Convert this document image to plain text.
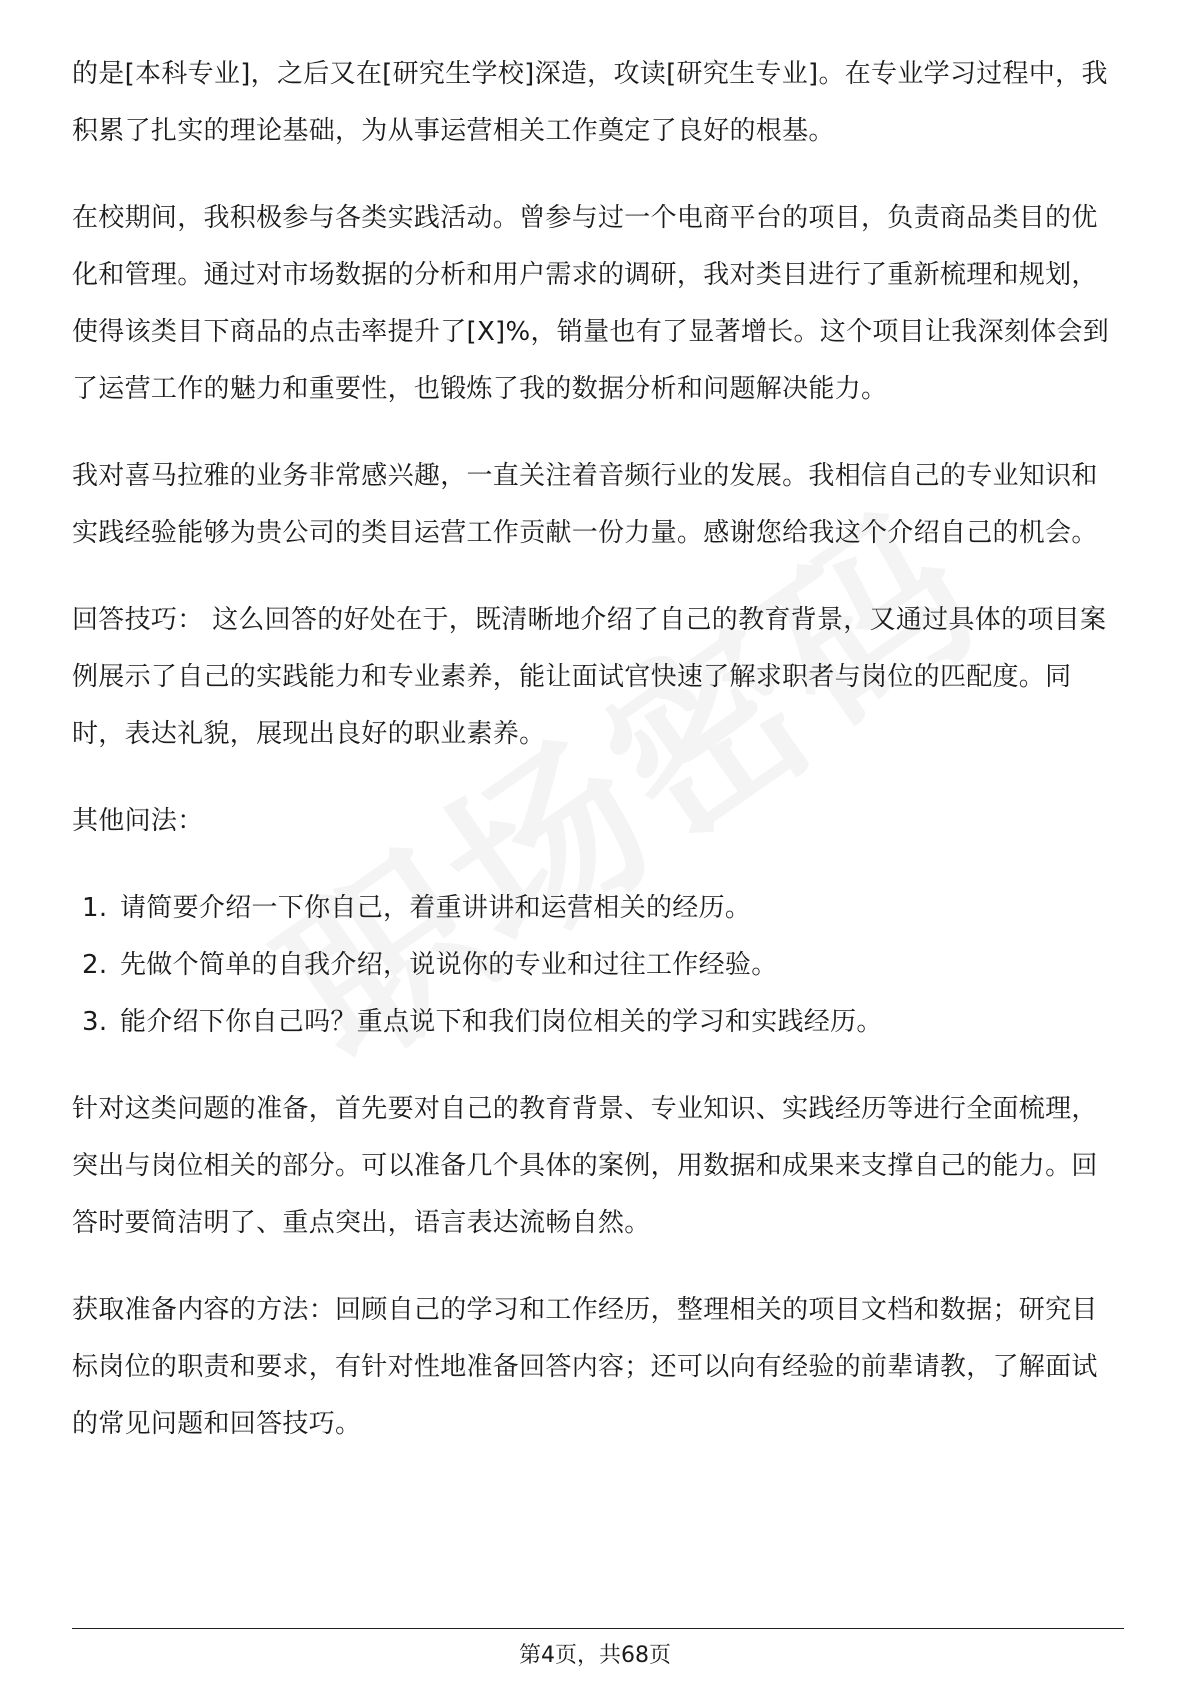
的是[本科专业]，之后又在[研究生学校]深造，攻读[研究生专业]。在专业学习过程中，我积累了扎实的理论基础，为从事运营相关工作奠定了良好的根基。

在校期间，我积极参与各类实践活动。曾参与过一个电商平台的项目，负责商品类目的优化和管理。通过对市场数据的分析和用户需求的调研，我对类目进行了重新梳理和规划，使得该类目下商品的点击率提升了[X]%，销量也有了显著增长。这个项目让我深刻体会到了运营工作的魅力和重要性，也锻炼了我的数据分析和问题解决能力。

我对喜马拉雅的业务非常感兴趣，一直关注着音频行业的发展。我相信自己的专业知识和实践经验能够为贵公司的类目运营工作贡献一份力量。感谢您给我这个介绍自己的机会。

回答技巧： 这么回答的好处在于，既清晰地介绍了自己的教育背景，又通过具体的项目案例展示了自己的实践能力和专业素养，能让面试官快速了解求职者与岗位的匹配度。同时，表达礼貌，展现出良好的职业素养。

其他问法：

1. 请简要介绍一下你自己，着重讲讲和运营相关的经历。
2. 先做个简单的自我介绍，说说你的专业和过往工作经验。
3. 能介绍下你自己吗？重点说下和我们岗位相关的学习和实践经历。

针对这类问题的准备，首先要对自己的教育背景、专业知识、实践经历等进行全面梳理，突出与岗位相关的部分。可以准备几个具体的案例，用数据和成果来支撑自己的能力。回答时要简洁明了、重点突出，语言表达流畅自然。

获取准备内容的方法：回顾自己的学习和工作经历，整理相关的项目文档和数据；研究目标岗位的职责和要求，有针对性地准备回答内容；还可以向有经验的前辈请教，了解面试的常见问题和回答技巧。

第4页，共68页
